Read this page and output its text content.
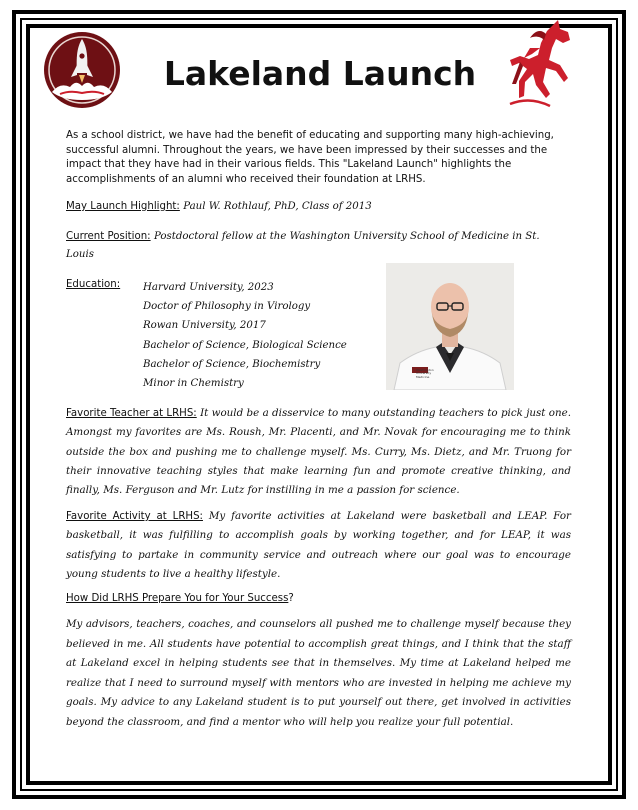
Lakeland Launch
As a school district, we have had the benefit of educating and supporting many high-achieving, successful alumni. Throughout the years, we have been impressed by their successes and the impact that they have had in their various fields. This "Lakeland Launch" highlights the accomplishments of an alumni who received their foundation at LRHS.
May Launch Highlight: Paul W. Rothlauf, PhD, Class of 2013
Current Position: Postdoctoral fellow at the Washington University School of Medicine in St. Louis
Education: Harvard University, 2023
Doctor of Philosophy in Virology
Rowan University, 2017
Bachelor of Science, Biological Science
Bachelor of Science, Biochemistry
Minor in Chemistry
Washington University Medicine
Favorite Teacher at LRHS: It would be a disservice to many outstanding teachers to pick just one. Amongst my favorites are Ms. Roush, Mr. Placenti, and Mr. Novak for encouraging me to think outside the box and pushing me to challenge myself. Ms. Curry, Ms. Dietz, and Mr. Truong for their innovative teaching styles that make learning fun and promote creative thinking, and finally, Ms. Ferguson and Mr. Lutz for instilling in me a passion for science.
Favorite Activity at LRHS: My favorite activities at Lakeland were basketball and LEAP. For basketball, it was fulfilling to accomplish goals by working together, and for LEAP, it was satisfying to partake in community service and outreach where our goal was to encourage young students to live a healthy lifestyle.
How Did LRHS Prepare You for Your Success?
My advisors, teachers, coaches, and counselors all pushed me to challenge myself because they believed in me. All students have potential to accomplish great things, and I think that the staff at Lakeland excel in helping students see that in themselves. My time at Lakeland helped me realize that I need to surround myself with mentors who are invested in helping me achieve my goals. My advice to any Lakeland student is to put yourself out there, get involved in activities beyond the classroom, and find a mentor who will help you realize your full potential.
